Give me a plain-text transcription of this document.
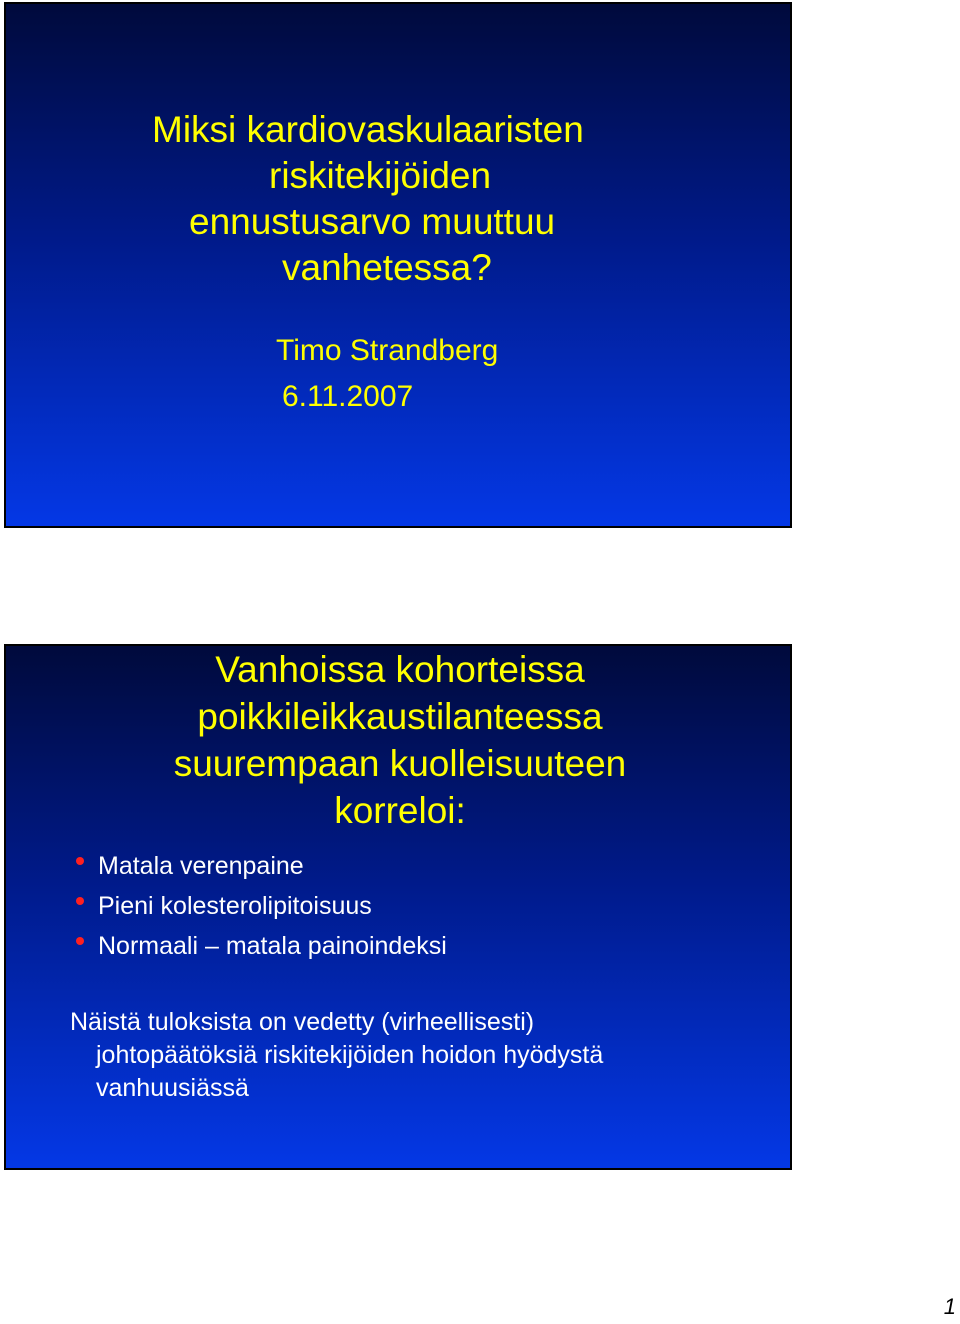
Miksi kardiovaskulaaristen
riskitekijöiden
ennustusarvo muuttuu
vanhetessa?
Timo Strandberg
6.11.2007
Vanhoissa kohorteissa
poikkileikkaustilanteessa
suurempaan kuolleisuuteen
korreloi:
Matala verenpaine
Pieni kolesterolipitoisuus
Normaali – matala painoindeksi
Näistä tuloksista on vedetty (virheellisesti)
johtopäätöksiä riskitekijöiden hoidon hyödystä
vanhuusiässä
1
